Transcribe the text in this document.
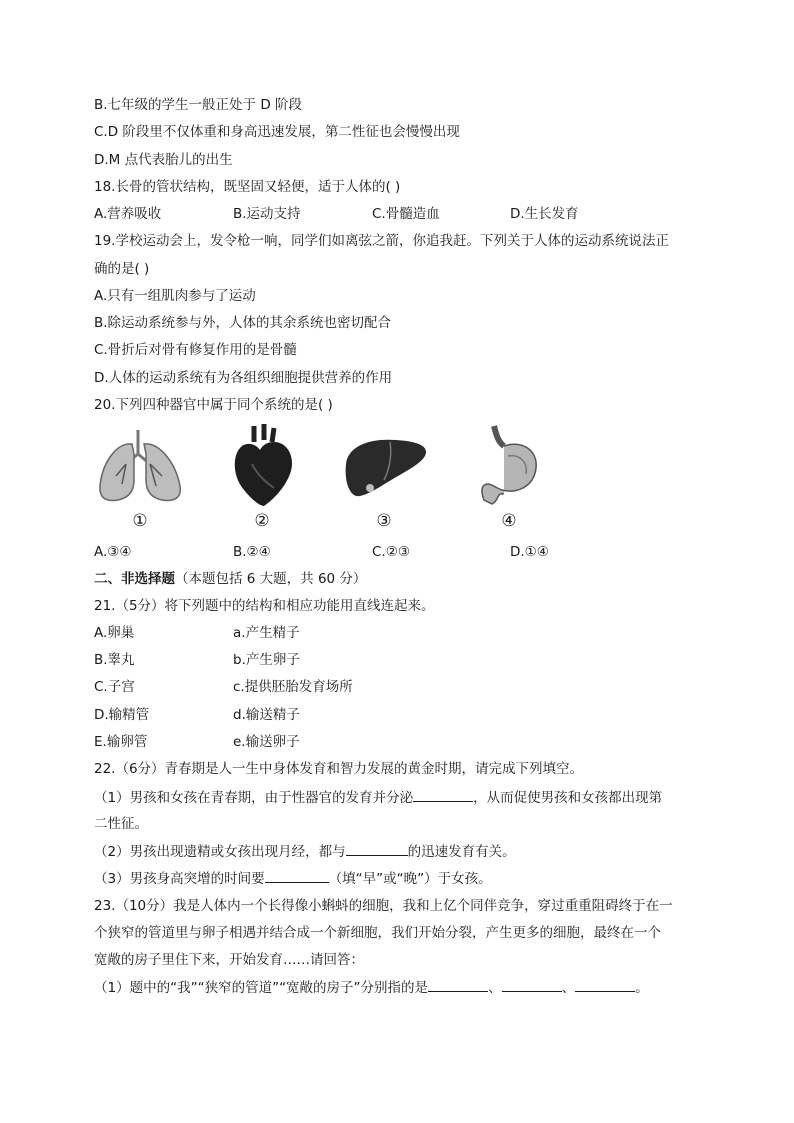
B.七年级的学生一般正处于 D 阶段
C.D 阶段里不仅体重和身高迅速发展，第二性征也会慢慢出现
D.M 点代表胎儿的出生
18.长骨的管状结构，既坚固又轻便，适于人体的( )
A.营养吸收	B.运动支持	C.骨髓造血	D.生长发育
19.学校运动会上，发令枪一响，同学们如离弦之箭，你追我赶。下列关于人体的运动系统说法正
确的是( )
A.只有一组肌肉参与了运动
B.除运动系统参与外，人体的其余系统也密切配合
C.骨折后对骨有修复作用的是骨髓
D.人体的运动系统有为各组织细胞提供营养的作用
20.下列四种器官中属于同个系统的是( )
①	②	③	④
A.③④	B.②④	C.②③	D.①④
二、非选择题（本题包括 6 大题，共 60 分）
21.（5分）将下列题中的结构和相应功能用直线连起来。
A.卵巢	a.产生精子
B.睾丸	b.产生卵子
C.子宫	c.提供胚胎发育场所
D.输精管	d.输送精子
E.输卵管	e.输送卵子
22.（6分）青春期是人一生中身体发育和智力发展的黄金时期，请完成下列填空。
（1）男孩和女孩在青春期，由于性器官的发育并分泌	，从而促使男孩和女孩都出现第
二性征。
（2）男孩出现遗精或女孩出现月经，都与	的迅速发育有关。
（3）男孩身高突增的时间要	（填“早”或“晚”）于女孩。
23.（10分）我是人体内一个长得像小蝌蚪的细胞，我和上亿个同伴竞争，穿过重重阻碍终于在一
个狭窄的管道里与卵子相遇并结合成一个新细胞，我们开始分裂，产生更多的细胞，最终在一个
宽敞的房子里住下来，开始发育……请回答：
（1）题中的“我”“狭窄的管道”“宽敞的房子”分别指的是	、	、	。
